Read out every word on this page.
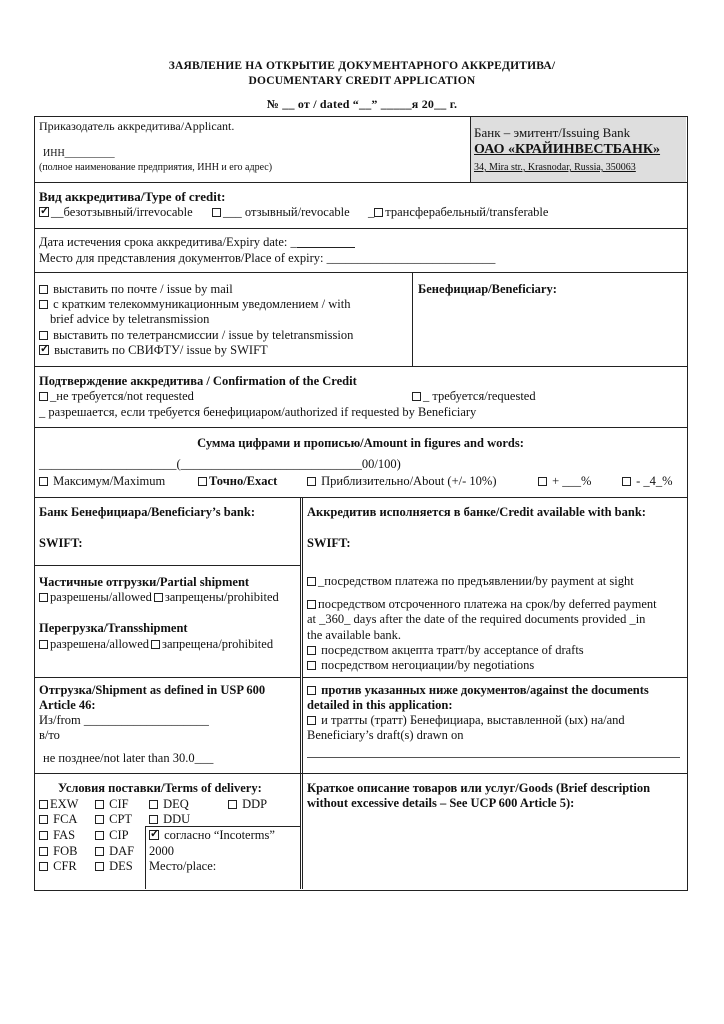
ЗАЯВЛЕНИЕ НА ОТКРЫТИЕ ДОКУМЕНТАРНОГО АККРЕДИТИВА/
DOCUMENTARY CREDIT APPLICATION
№ __ от / dated “__” _____я 20__ г.
Приказодатель аккредитива/Applicant.
ИНН__________
(полное наименование предприятия, ИНН и его адрес)
Банк – эмитент/Issuing Bank
ОАО «КРАЙИНВЕСТБАНК»
34, Mira str., Krasnodar, Russia, 350063
Вид аккредитива/Type of credit:
✓__безотзывный/irrevocable	___ отзывный/revocable _ трансферабельный/transferable
Дата истечения срока аккредитива/Expiry date: _
Место для представления документов/Place of expiry: ___________________________
выставить по почте / issue by mail
с кратким телекоммуникационным уведомлением / with
brief advice by teletransmission
выставить по телетрансмиссии / issue by teletransmission
✓ выставить по СВИФТУ/ issue by SWIFT
Бенефициар/Beneficiary:
Подтверждение аккредитива / Confirmation of the Credit
_не требуется/not requested	_ требуется/requested
_ разрешается, если требуется бенефициаром/authorized if requested by Beneficiary
Сумма цифрами и прописью/Amount in figures and words:
______________________(_____________________________00/100)
Максимум/Maximum	Точно/Exact	Приблизительно/About (+/- 10%)	+ ___%	- _4_%
Банк Бенефициара/Beneficiary’s bank:
SWIFT:
Аккредитив исполняется в банке/Credit available with bank:
SWIFT:
Частичные отгрузки/Partial shipment
разрешены/allowed запрещены/prohibited
Перегрузка/Transshipment
разрешена/allowed запрещена/prohibited
_посредством платежа по предъявлении/by payment at sight
посредством отсроченного платежа на срок/by deferred payment
at _360_ days after the date of the required documents provided _in
the available bank.
посредством акцепта тратт/by acceptance of drafts
посредством негоциации/by negotiations
Отгрузка/Shipment as defined in USP 600
Article 46:
Из/from ____________________
в/то
не позднее/not later than 30.0___
против указанных ниже документов/against the documents
detailed in this application:
и тратты (тратт) Бенефициара, выставленной (ых) на/and
Beneficiary’s draft(s) drawn on
Условия поставки/Terms of delivery:
EXW	CIF	DEQ	DDP
FCA	CPT	DDU
FAS	CIP
FOB	DAF
CFR	DES
✓ согласно “Incoterms”
2000
Место/place:
Краткое описание товаров или услуг/Goods (Brief description
without excessive details – See UCP 600 Article 5):
